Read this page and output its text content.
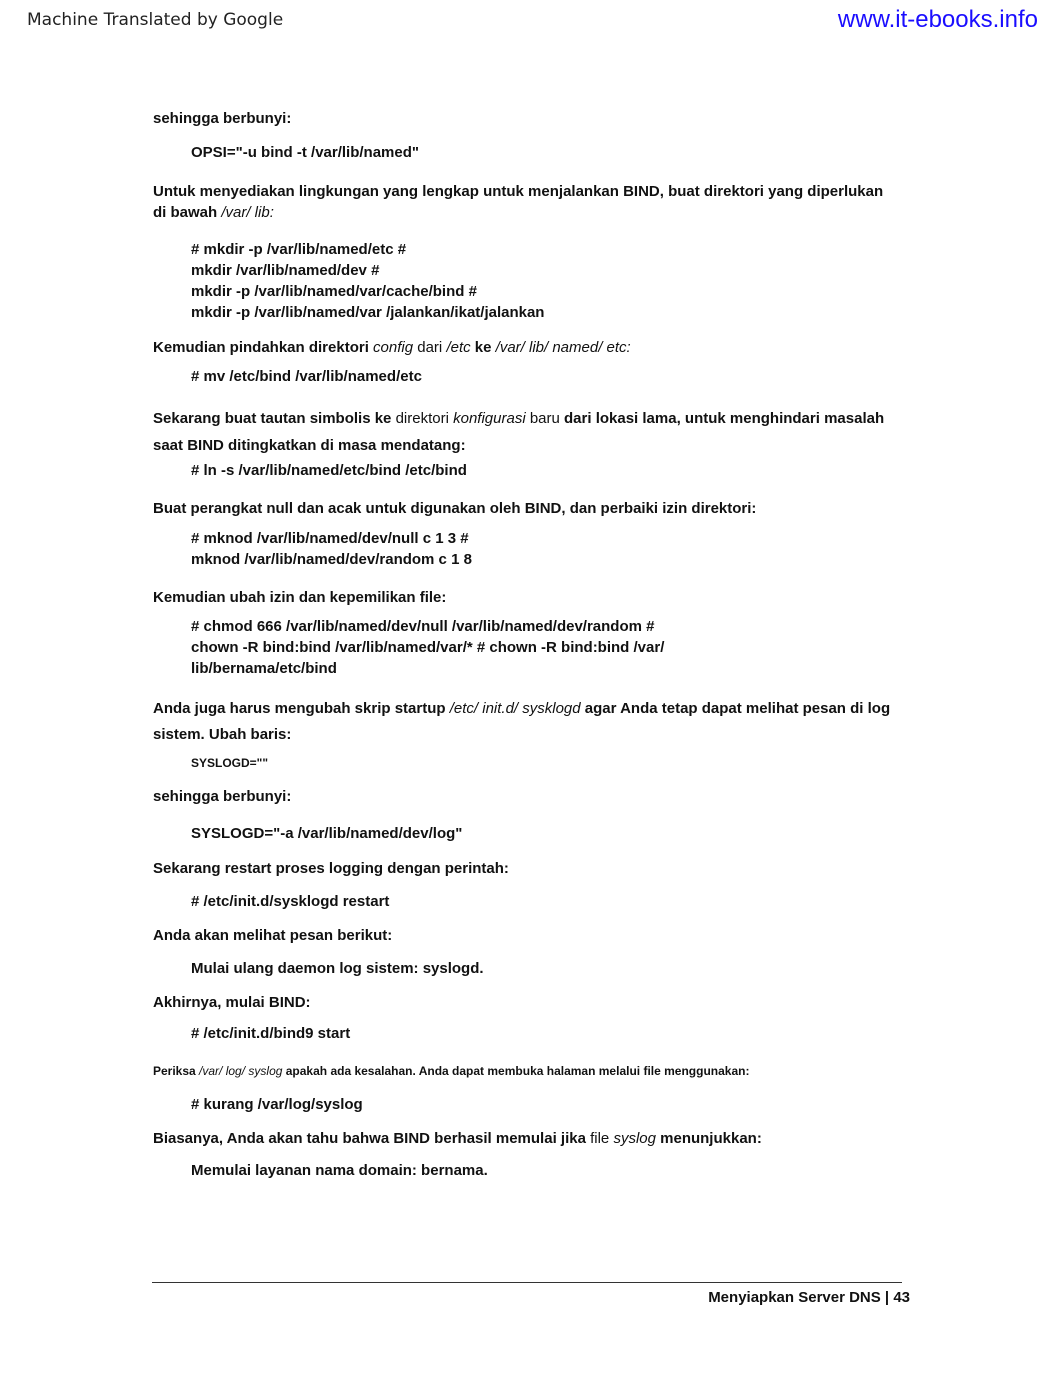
Machine Translated by Google	www.it-ebooks.info

sehingga berbunyi:

OPSI="-u bind -t /var/lib/named"

Untuk menyediakan lingkungan yang lengkap untuk menjalankan BIND, buat direktori yang diperlukan di bawah /var/ lib:

# mkdir -p /var/lib/named/etc #
mkdir /var/lib/named/dev #
mkdir -p /var/lib/named/var/cache/bind #
mkdir -p /var/lib/named/var /jalankan/ikat/jalankan

Kemudian pindahkan direktori config dari /etc ke /var/ lib/ named/ etc:

# mv /etc/bind /var/lib/named/etc

Sekarang buat tautan simbolis ke direktori konfigurasi baru dari lokasi lama, untuk menghindari masalah saat BIND ditingkatkan di masa mendatang:

# ln -s /var/lib/named/etc/bind /etc/bind

Buat perangkat null dan acak untuk digunakan oleh BIND, dan perbaiki izin direktori:

# mknod /var/lib/named/dev/null c 1 3 #
mknod /var/lib/named/dev/random c 1 8

Kemudian ubah izin dan kepemilikan file:

# chmod 666 /var/lib/named/dev/null /var/lib/named/dev/random #
chown -R bind:bind /var/lib/named/var/* # chown -R bind:bind /var/
lib/bernama/etc/bind

Anda juga harus mengubah skrip startup /etc/ init.d/ sysklogd agar Anda tetap dapat melihat pesan di log sistem. Ubah baris:

SYSLOGD=""

sehingga berbunyi:

SYSLOGD="-a /var/lib/named/dev/log"

Sekarang restart proses logging dengan perintah:

# /etc/init.d/sysklogd restart

Anda akan melihat pesan berikut:

Mulai ulang daemon log sistem: syslogd.

Akhirnya, mulai BIND:

# /etc/init.d/bind9 start

Periksa /var/ log/ syslog apakah ada kesalahan. Anda dapat membuka halaman melalui file menggunakan:

# kurang /var/log/syslog

Biasanya, Anda akan tahu bahwa BIND berhasil memulai jika file syslog menunjukkan:

Memulai layanan nama domain: bernama.
Menyiapkan Server DNS | 43
